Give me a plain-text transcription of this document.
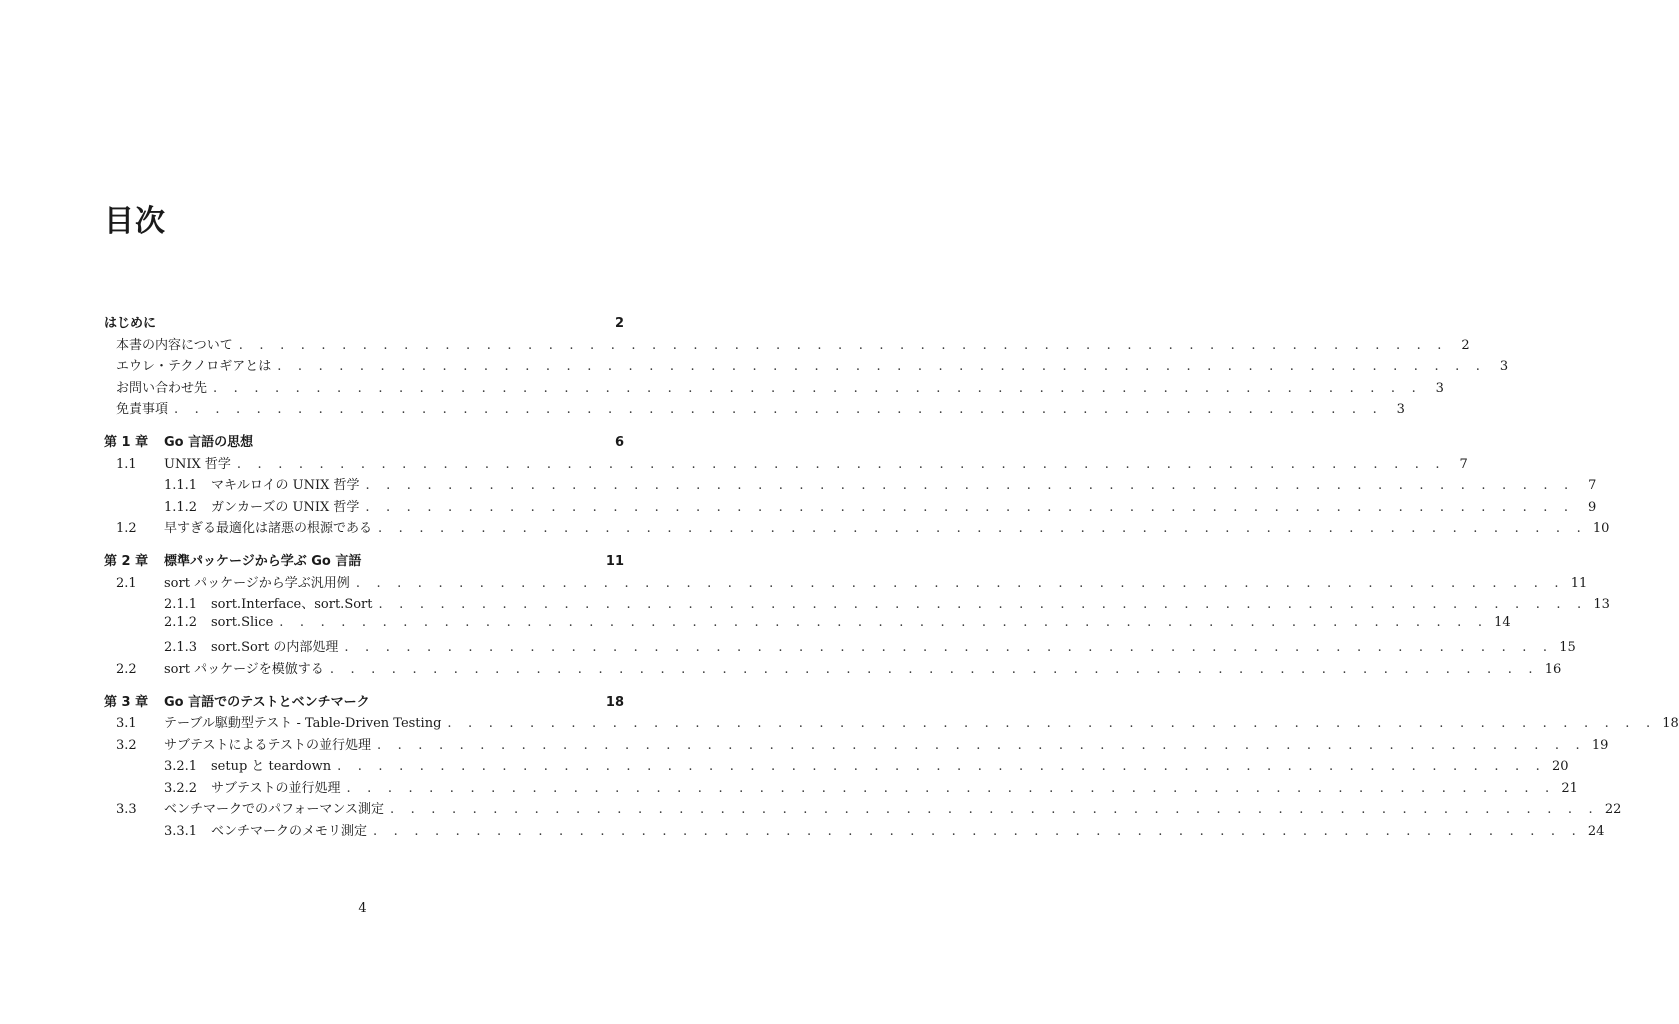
目次
はじめに	2
本書の内容について . . . . . . . . . . . . . . . . . . . . . . . . . . . . . . . . . . . . . . . . . . . . . . . . . . . . . . . . . . .	2
エウレ・テクノロギアとは . . . . . . . . . . . . . . . . . . . . . . . . . . . . . . . . . . . . . . . . . . . . . . . . . . . . . . . . . . .	3
お問い合わせ先 . . . . . . . . . . . . . . . . . . . . . . . . . . . . . . . . . . . . . . . . . . . . . . . . . . . . . . . . . . .	3
免責事項 . . . . . . . . . . . . . . . . . . . . . . . . . . . . . . . . . . . . . . . . . . . . . . . . . . . . . . . . . . .	3
第 1 章	Go 言語の思想	6
1.1	UNIX 哲学 . . . . . . . . . . . . . . . . . . . . . . . . . . . . . . . . . . . . . . . . . . . . . . . . . . . . . . . . . . .	7
1.1.1	マキルロイの UNIX 哲学 . . . . . . . . . . . . . . . . . . . . . . . . . . . . . . . . . . . . . . . . . . . . . . . . . . . . . . . . . . .	7
1.1.2	ガンカーズの UNIX 哲学 . . . . . . . . . . . . . . . . . . . . . . . . . . . . . . . . . . . . . . . . . . . . . . . . . . . . . . . . . . .	9
1.2	早すぎる最適化は諸悪の根源である . . . . . . . . . . . . . . . . . . . . . . . . . . . . . . . . . . . . . . . . . . . . . . . . . . . . . . . . . . . 10
第 2 章	標準パッケージから学ぶ Go 言語	11
2.1	sort パッケージから学ぶ汎用例 . . . . . . . . . . . . . . . . . . . . . . . . . . . . . . . . . . . . . . . . . . . . . . . . . . . . . . . . . . . 11
2.1.1	sort.Interface、sort.Sort . . . . . . . . . . . . . . . . . . . . . . . . . . . . . . . . . . . . . . . . . . . . . . . . . . . . . . . . . . . 13
2.1.2	sort.Slice . . . . . . . . . . . . . . . . . . . . . . . . . . . . . . . . . . . . . . . . . . . . . . . . . . . . . . . . . . . 14
2.1.3	sort.Sort の内部処理 . . . . . . . . . . . . . . . . . . . . . . . . . . . . . . . . . . . . . . . . . . . . . . . . . . . . . . . . . . . 15
2.2	sort パッケージを模倣する . . . . . . . . . . . . . . . . . . . . . . . . . . . . . . . . . . . . . . . . . . . . . . . . . . . . . . . . . . . 16
第 3 章	Go 言語でのテストとベンチマーク	18
3.1	テーブル駆動型テスト - Table-Driven Testing . . . . . . . . . . . . . . . . . . . . . . . . . . . . . . . . . . . . . . . . . . . . . . . . . . . . . . . . . . . 18
3.2	サブテストによるテストの並行処理 . . . . . . . . . . . . . . . . . . . . . . . . . . . . . . . . . . . . . . . . . . . . . . . . . . . . . . . . . . . 19
3.2.1	setup と teardown . . . . . . . . . . . . . . . . . . . . . . . . . . . . . . . . . . . . . . . . . . . . . . . . . . . . . . . . . . . 20
3.2.2	サブテストの並行処理 . . . . . . . . . . . . . . . . . . . . . . . . . . . . . . . . . . . . . . . . . . . . . . . . . . . . . . . . . . . 21
3.3	ベンチマークでのパフォーマンス測定 . . . . . . . . . . . . . . . . . . . . . . . . . . . . . . . . . . . . . . . . . . . . . . . . . . . . . . . . . . . 22
3.3.1	ベンチマークのメモリ測定 . . . . . . . . . . . . . . . . . . . . . . . . . . . . . . . . . . . . . . . . . . . . . . . . . . . . . . . . . . . 24
4
